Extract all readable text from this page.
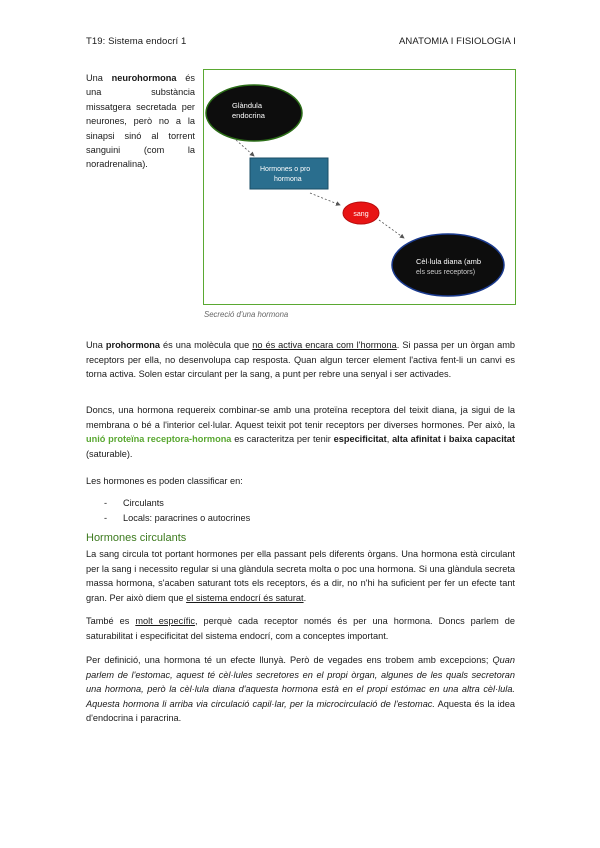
T19: Sistema endocrí 1	ANATOMIA I FISIOLOGIA I
Una neurohormona és una substància missatgera secretada per neurones, però no a la sinapsi sinó al torrent sanguini (com la noradrenalina).
Glàndula
endocrina
Hormones o pro
hormona
sang
Cèl·lula diana (amb
els seus receptors)
Secreció d'una hormona

Una prohormona és una molècula que no és activa encara com l'hormona. Si passa per un òrgan amb receptors per ella, no desenvolupa cap resposta. Quan algun tercer element l'activa fent-li un canvi es torna activa. Solen estar circulant per la sang, a punt per rebre una senyal i ser activades.

Doncs, una hormona requereix combinar-se amb una proteïna receptora del teixit diana, ja sigui de la membrana o bé a l'interior cel·lular. Aquest teixit pot tenir receptors per diverses hormones. Per això, la unió proteïna receptora-hormona es caracteritza per tenir especificitat, alta afinitat i baixa capacitat (saturable).

Les hormones es poden classificar en:

-	Circulants
-	Locals: paracrines o autocrines
Hormones circulants

La sang circula tot portant hormones per ella passant pels diferents òrgans. Una hormona està circulant per la sang i necessito regular si una glàndula secreta molta o poc una hormona. Si una glàndula secreta massa hormona, s'acaben saturant tots els receptors, és a dir, no n'hi ha suficient per fer un efecte tant gran. Per això diem que el sistema endocrí és saturat.

També es molt específic, perquè cada receptor només és per una hormona. Doncs parlem de saturabilitat i especificitat del sistema endocrí, com a conceptes important.

Per definició, una hormona té un efecte llunyà. Però de vegades ens trobem amb excepcions; Quan parlem de l'estomac, aquest té cèl·lules secretores en el propi òrgan, algunes de les quals secretoran una hormona, però la cèl·lula diana d'aquesta hormona està en el propi estómac en una altra cèl·lula. Aquesta hormona li arriba via circulació capil·lar, per la microcirculació de l'estomac. Aquesta és la idea d'endocrina i paracrina.
